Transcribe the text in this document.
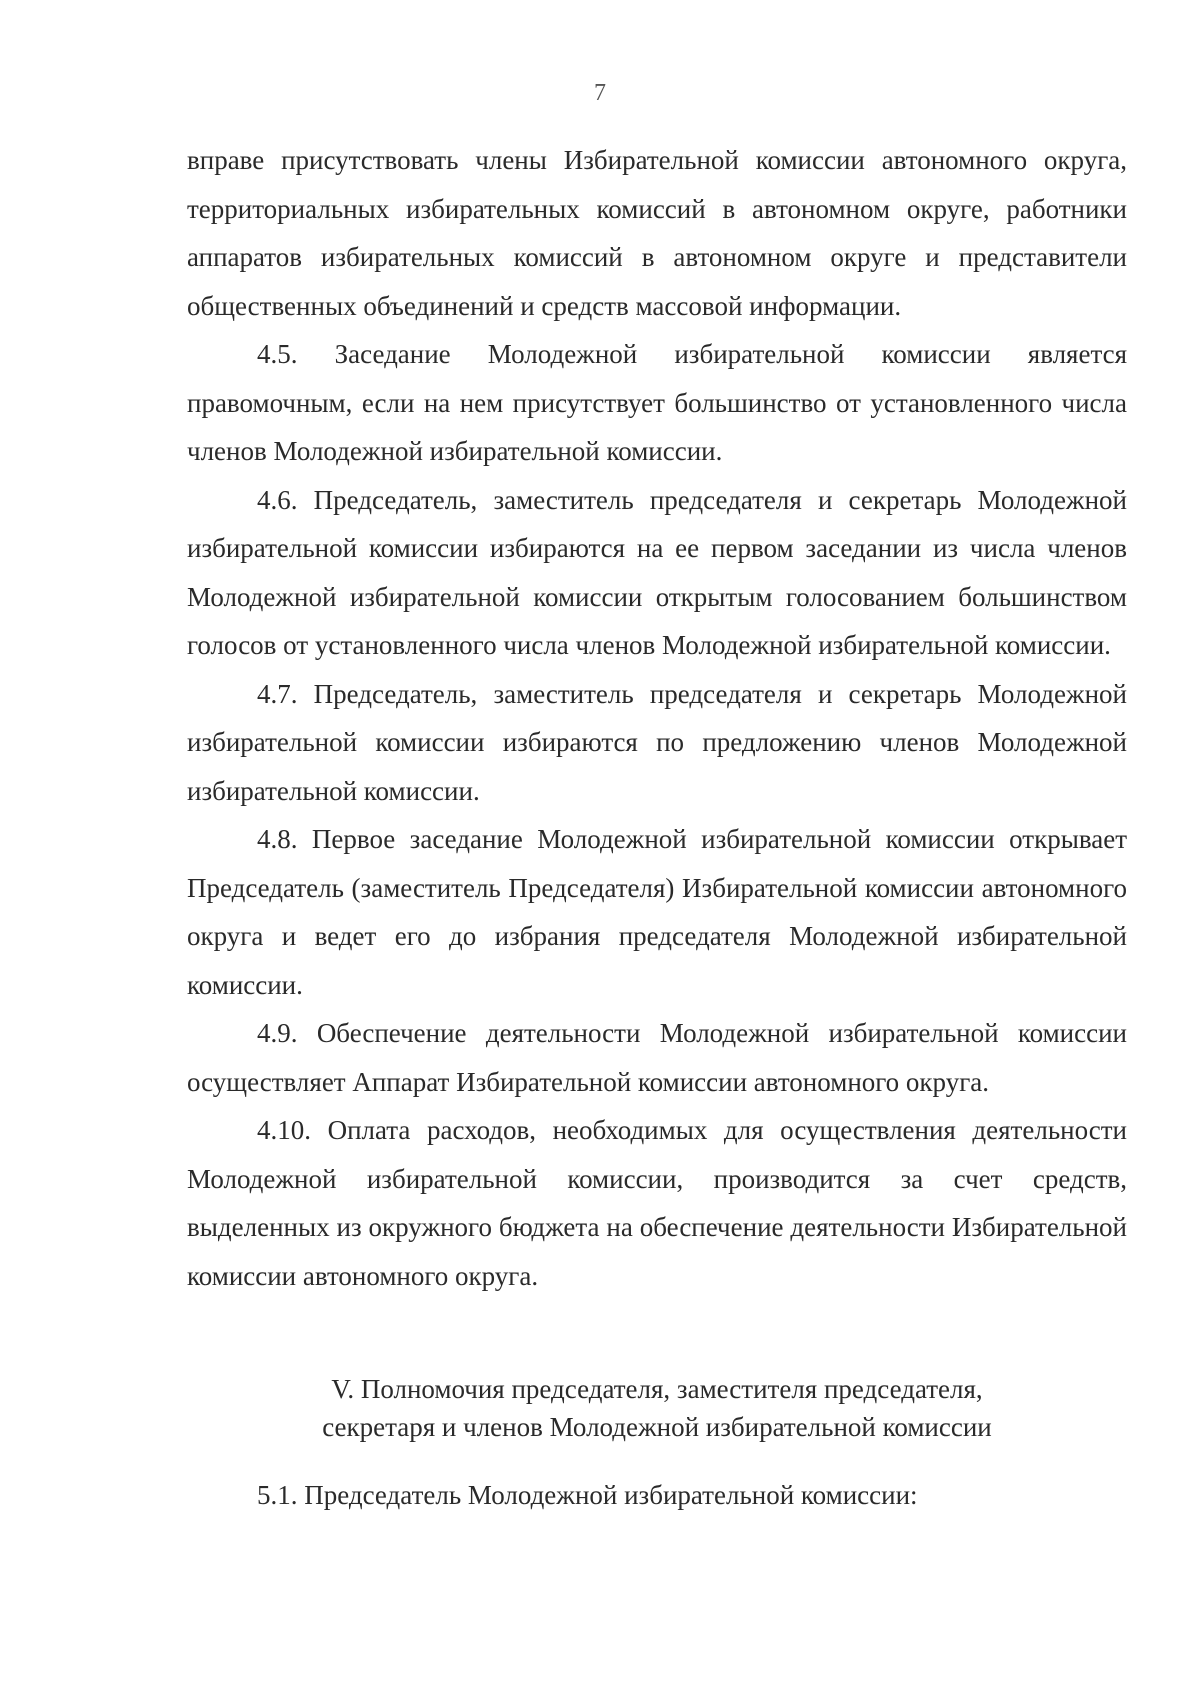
7

вправе присутствовать члены Избирательной комиссии автономного округа, территориальных избирательных комиссий в автономном округе, работники аппаратов избирательных комиссий в автономном округе и представители общественных объединений и средств массовой информации.

4.5. Заседание Молодежной избирательной комиссии является правомочным, если на нем присутствует большинство от установленного числа членов Молодежной избирательной комиссии.

4.6. Председатель, заместитель председателя и секретарь Молодежной избирательной комиссии избираются на ее первом заседании из числа членов Молодежной избирательной комиссии открытым голосованием большинством голосов от установленного числа членов Молодежной избирательной комиссии.

4.7. Председатель, заместитель председателя и секретарь Молодежной избирательной комиссии избираются по предложению членов Молодежной избирательной комиссии.

4.8. Первое заседание Молодежной избирательной комиссии открывает Председатель (заместитель Председателя) Избирательной комиссии автономного округа и ведет его до избрания председателя Молодежной избирательной комиссии.

4.9. Обеспечение деятельности Молодежной избирательной комиссии осуществляет Аппарат Избирательной комиссии автономного округа.

4.10. Оплата расходов, необходимых для осуществления деятельности Молодежной избирательной комиссии, производится за счет средств, выделенных из окружного бюджета на обеспечение деятельности Избирательной комиссии автономного округа.

V. Полномочия председателя, заместителя председателя,
секретаря и членов Молодежной избирательной комиссии

5.1. Председатель Молодежной избирательной комиссии:
